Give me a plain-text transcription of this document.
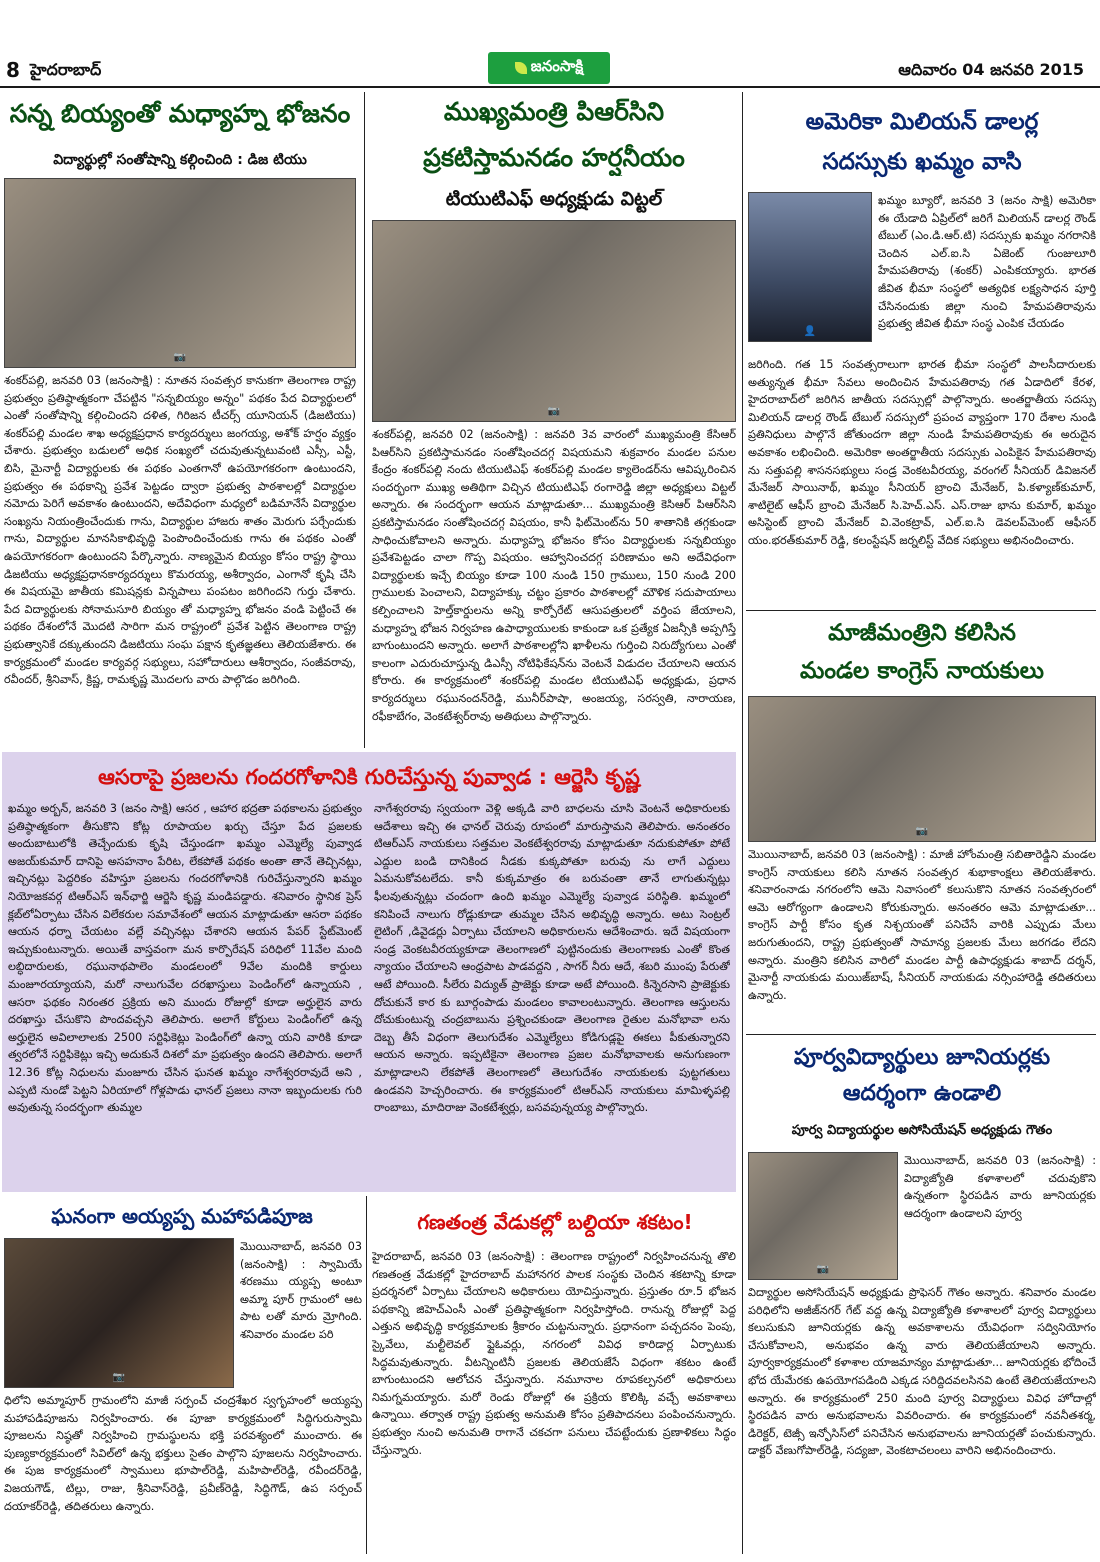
8 హైదరాబాద్	జనంసాక్షి	ఆదివారం 04 జనవరి 2015
సన్న బియ్యంతో మధ్యాహ్న భోజనం
విద్యార్థుల్లో సంతోషాన్ని కల్గించింది : డిజ టియు
📷
శంకర్‌పల్లి, జనవరి 03 (జనంసాక్షి) : నూతన సంవత్సర కానుకగా తెలంగాణ రాష్ట్ర ప్రభుత్వం ప్రతిష్ఠాత్మకంగా చేపట్టిన "సన్నబియ్యం అన్నం" పథకం పేద విద్యార్థులలో ఎంతో సంతోషాన్ని కల్గించిందని దళిత, గిరిజన టీచర్స్ యూనియన్ (డిజటియు) శంకర్‌పల్లి మండల శాఖ అధ్యక్షప్రధాన కార్యదర్శులు జంగయ్య, అశోక్ హర్షం వ్యక్తం చేశారు. ప్రభుత్వం బడులలో అధిక సంఖ్యలో చదువుతున్నటువంటి ఎస్సీ, ఎస్టీ, బిసి, మైనార్టీ విద్యార్థులకు ఈ పథకం ఎంతగానో ఉపయోగకరంగా ఉంటుందని, ప్రభుత్వం ఈ పథకాన్ని ప్రవేశ పెట్టడం ద్వారా ప్రభుత్వ పాఠశాలల్లో విద్యార్థుల నమోదు పెరిగే అవకాశం ఉంటుందని, అదేవిధంగా మధ్యలో బడిమానేసే విద్యార్థుల సంఖ్యను నియంత్రించేందుకు గాను, విద్యార్థుల హాజరు శాతం మెరుగు పర్చేందుకు గాను, విద్యార్థుల మానసికాభివృద్ధి పెంపొందించేందుకు గాను ఈ పథకం ఎంతో ఉపయోగకరంగా ఉంటుందని పేర్కొన్నారు. నాణ్యమైన బియ్యం కోసం రాష్ట్ర స్థాయి డిజటియు అధ్యక్షప్రధానకార్యదర్శులు కొమరయ్య, అశీర్వాదం, ఎంగానో కృషి చేసి ఈ విషయమై జాతీయ కమిషన్లకు విన్నపాలు పంపటం జరిగిందని గుర్తు చేశారు. పేద విద్యార్థులకు సోనామసూరి బియ్యం తో మధ్యాహ్న భోజనం వండి పెట్టించే ఈ పథకం దేశంలోనే మొదటి సారిగా మన రాష్ట్రంలో ప్రవేశ పెట్టిన తెలంగాణ రాష్ట్ర ప్రభుత్వానికే దక్కుతుందని డిజటియు సంఘ పక్షాన కృతజ్ఞతలు తెలియజేశారు. ఈ కార్యక్రమంలో మండల కార్యవర్గ సభ్యులు, సహోదారులు ఆశీర్వాదం, సంజీవరావు, రవీందర్, శ్రీనివాస్, క్రిష్ణ, రామకృష్ణ మొదలగు వారు పాల్గొడం జరిగింది.
ముఖ్యమంత్రి పిఆర్‌సిని
ప్రకటిస్తామనడం హర్షనీయం
టియుటిఎఫ్ అధ్యక్షుడు విట్టల్
📷
శంకర్‌పల్లి, జనవరి 02 (జనంసాక్షి) : జనవరి 3వ వారంలో ముఖ్యమంత్రి కేసిఆర్ పిఆర్‌సిని ప్రకటిస్తామనడం సంతోషించదగ్గ విషయమని శుక్రవారం మండల పనుల కేంద్రం శంకర్‌పల్లి నందు టియుటిఎఫ్ శంకర్‌పల్లి మండల క్యాలెండర్‌ను ఆవిష్కరించిన సందర్భంగా ముఖ్య అతిథిగా విచ్చిన టియుటిఎఫ్ రంగారెడ్డి జిల్లా అధ్యక్షులు విట్టల్ అన్నారు. ఈ సందర్భంగా ఆయన మాట్లాడుతూ... ముఖ్యమంత్రి కెసిఆర్ పిఆర్‌సిని ప్రకటిస్తామనడం సంతోషించదగ్గ విషయం, కానీ ఫిట్‌మెంట్‌ను 50 శాతానికి తగ్గకుండా సాధించుకోవాలని అన్నారు. మధ్యాహ్న భోజనం కోసం విద్యార్థులకు సన్నబియ్యం ప్రవేశపెట్టడం చాలా గొప్ప విషయం. ఆహ్వానించదగ్గ పరిణామం అని అదేవిధంగా విద్యార్థులకు ఇచ్చే బియ్యం కూడా 100 నుండి 150 గ్రాములు, 150 నుండి 200 గ్రాములకు పెంచాలని, విద్యాహక్కు చట్టం ప్రకారం పాఠశాలల్లో మౌళిక సదుపాయాలు కల్పించాలని హెల్త్‌కార్డులను అన్ని కార్పోరేట్ ఆసుపత్రులలో వర్తింప జేయాలని, మధ్యాహ్న భోజన నిర్వహణ ఉపాధ్యాయులకు కాకుండా ఒక ప్రత్యేక ఏజన్సీకి అప్పగిస్తే బాగుంటుందని అన్నారు. అలాగే పాఠశాలల్లోని ఖాళీలను గుర్తించి నిరుద్యోగులు ఎంతో కాలంగా ఎదురుచూస్తున్న డిఎస్సీ నోటిఫికేషన్‌ను వెంటనే విడుదల చేయాలని ఆయన కోరారు. ఈ కార్యక్రమంలో శంకర్‌పల్లి మండల టియుటిఎఫ్ అధ్యక్షుడు, ప్రధాన కార్యదర్శులు రఘునందన్‌రెడ్డి, మునీర్‌పాషా, అంజయ్య, సరస్వతి, నారాయణ, రఫీకాబేగం, వెంకటేశ్వర్‌రావు అతిథులు పాల్గొన్నారు.
అమెరికా మిలియన్ డాలర్ల
సదస్సుకు ఖమ్మం వాసి
👤
ఖమ్మం బ్యూరో, జనవరి 3 (జనం సాక్షి) అమెరికా ఈ యేడాది ఏప్రిల్‌లో జరిగే మిలియన్ డాలర్ల రౌండ్ టేబుల్ (ఎం.డి.ఆర్.టి) సదస్సుకు ఖమ్మం నగరానికి చెందిన ఎల్.ఐ.సి ఏజెంట్ గుంజులూరి హేమపతిరావు (శంకర్) ఎంపికయ్యారు. భారత జీవిత భీమా సంస్థలో అత్యధిక లక్ష్యసాధన పూర్తి చేసినందుకు జిల్లా నుంచి హేమపతిరావును ప్రభుత్వ జీవిత భీమా సంస్థ ఎంపిక చేయడం
జరిగింది. గత 15 సంవత్సరాలుగా భారత భీమా సంస్థలో పాలసీదారులకు అత్యున్నత భీమా సేవలు అందించిన హేమపతిరావు గత ఏడాదిలో కేరళ, హైదరాబాద్‌లో జరిగిన జాతీయ సదస్సుల్లో పాల్గొన్నారు. అంతర్జాతీయ సదస్సు మిలియన్ డాలర్ల రౌండ్ టేబుల్ సదస్సులో ప్రపంచ వ్యాప్తంగా 170 దేశాల నుండి ప్రతినిధులు పాల్గొనే జోతుందగా జిల్లా నుండి హేమపతిరావుకు ఈ అరుదైన అవకాశం లభించింది. అమెరికా అంతర్జాతీయ సదస్సుకు ఎంపికైన హేమపతిరావు ను సత్తుపల్లి శాసనసభ్యులు సండ్ర వెంకటవీరయ్య, వరంగల్ సీనియర్ డివిజనల్ మేనేజర్ సాయినాథ్, ఖమ్మం సీనియర్ బ్రాంచి మేనేజర్, పి.కళ్యాణ్‌కుమార్, శాటిలైట్ ఆఫీస్ బ్రాంచి మేనేజర్ సి.హెచ్.ఎస్. ఎస్.రాజు భాను కుమార్, ఖమ్మం అసిస్టెంట్ బ్రాంచి మేనేజర్ వి.వెంకట్రావ్, ఎల్.ఐ.సి డెవలప్‌మెంట్ ఆఫీసర్ యం.భరత్‌కుమార్ రెడ్డి, కలంస్టేషన్ జర్నలిస్ట్ వేదిక సభ్యులు అభినందించారు.
మాజీమంత్రిని కలిసిన
మండల కాంగ్రెస్ నాయకులు
📷
మొయినాబాద్, జనవరి 03 (జనంసాక్షి) : మాజీ హోంమంత్రి సబితారెడ్డిని మండల కాంగ్రెస్ నాయకులు కలిసి నూతన సంవత్సర శుభాకాంక్షలు తెలియజేశారు. శనివారంనాడు నగరంలోని ఆమె నివాసంలో కలుసుకొని నూతన సంవత్సరంలో ఆమె ఆరోగ్యంగా ఉండాలని కోరుకున్నారు. అనంతరం ఆమె మాట్లాడుతూ... కాంగ్రెస్ పార్టీ కోసం కృత నిశ్చయంతో పనిచేసే వారికి ఎప్పుడు మేలు జరుగుతుందని, రాష్ట్ర ప్రభుత్వంతో సామాన్య ప్రజలకు మేలు జరగడం లేదని అన్నారు. మంత్రిని కలిసిన వారిలో మండల పార్టీ ఉపాధ్యక్షుడు శాబాద్ దర్శన్, మైనార్టీ నాయకుడు మయిజ్‌బాష్, సీనియర్ నాయకుడు నర్సింహారెడ్డి తదితరులు ఉన్నారు.
పూర్వవిద్యార్థులు జూనియర్లకు
ఆదర్శంగా ఉండాలి
పూర్వ విద్యాయర్థుల అసోసియేషన్ అధ్యక్షుడు గౌతం
📷
మొయినాబాద్, జనవరి 03 (జనంసాక్షి) : విద్యాజ్యోతి కళాశాలలో చదువుకొని ఉన్నతంగా స్థిరపడిన వారు జూనియర్లకు ఆదర్శంగా ఉండాలని పూర్వ
విద్యార్థుల అసోసియేషన్ అధ్యక్షుడు ప్రొఫెసర్ గౌతం అన్నారు. శనివారం మండల పరిధిలోని అజీజ్‌నగర్ గేట్ వద్ద ఉన్న విద్యాజ్యోతి కళాశాలలో పూర్వ విద్యార్థులు కలుసుకుని జూనియర్లకు ఉన్న అవకాశాలను యేవిధంగా సద్వినియోగం చేసుకోవాలని, అనుభవం ఉన్న వారు తెలియజేయాలని అన్నారు. పూర్వకార్యక్రమంలో కళాశాల యాజమాన్యం మాట్లాడుతూ... జూనియర్లకు భోదించే భోద యేమేరకు ఉపయోగపడింది ఎక్కడ సరిద్దిదవలసినవి ఉంటే తెలియజేయాలని అన్నారు. ఈ కార్యక్రమంలో 250 మంది పూర్వ విద్యార్థులు వివిధ హోదాల్లో స్థిరపడిన వారు అనుభవాలను వివరించారు. ఈ కార్యక్రమంలో నవనీతశర్మ, డిరెక్టర్, టెజ్సీ ఇన్ఫోసిస్‌లో పనిచేసిన అనుభవాలను జూనియర్లతో పంచుకున్నారు. డాక్టర్ వేణుగోపాల్‌రెడ్డి, సద్యజా, వెంకటాచలంలు వారిని అభినందించారు.
ఆసరాపై ప్రజలను గందరగోళానికి గురిచేస్తున్న పువ్వాడ : ఆర్జెసి కృష్ణ
ఖమ్మం అర్బన్, జనవరి 3 (జనం సాక్షి) ఆసర , ఆహార భద్రతా పథకాలను ప్రభుత్వం ప్రతిష్ఠాత్మకంగా తీసుకొని కోట్ల రూపాయల ఖర్చు చేస్తూ పేద ప్రజలకు అందుబాటులోకి తెచ్చేందుకు కృషి చేస్తుండగా ఖమ్మం ఎమ్మెల్యే పువ్వాడ అజయ్‌కుమార్ దానిపై అసహనాం పేరిట, లేకపోతే పథకం అంతా తానే తెచ్చినట్లు, ఇచ్చినట్లు పెద్దరికం వహిస్తూ ప్రజలను గందరగోళానికి గురిచేస్తున్నారని ఖమ్మం నియోజకవర్గ టిఆర్ఎస్ ఇన్‌ఛార్జి ఆర్జెసి కృష్ణ మండిపడ్డారు. శనివారం స్థానిక ప్రెస్ క్లబ్‌లోఏర్పాటు చేసిన విలేకరుల సమావేశంలో ఆయన మాట్లాడుతూ ఆసరా పథకం ఆయన ధర్నా చేయటం వల్లే వచ్చినట్లు చేశారని ఆయన పేపర్ స్టేట్‌మెంట్ ఇచ్చుకుంటున్నారు. అయితే వాస్తవంగా మన కార్పొరేషన్ పరిధిలో 11వేల మంది లబ్ధిదారులకు, రఘునాథపాలెం మండలంలో 9వేల మందికి కార్డులు మంజూరయ్యాయని, మరో నాలుగువేల దరఖాస్తులు పెండింగ్‌లో ఉన్నాయని , ఆసరా ఫథకం నిరంతర ప్రక్రియ అని ముందు రోజుల్లో కూడా అర్హులైన వారు దరఖాస్తు చేసుకొని పొందవచ్చని తెలిపారు. అలాగే కోర్టులు పెండింగ్‌లో ఉన్న అర్హులైన అవిలాలాలకు 2500 సర్టిఫికెట్లు పెండింగ్‌లో ఉన్నా యని వారికి కూడా త్వరలోనే సర్టిఫికెట్లు ఇచ్చి అదుకునే దిశలో మా ప్రభుత్వం ఉందని తెలిపారు. అలాగే 12.36 కోట్ల నిధులను మంజూరు చేసిన ఘనత ఖమ్మం నాగేశ్వరరావుదే అని , ఎప్పటి నుండో పెట్టని ఏరియాలో గోళ్లపాడు ఛానల్ ప్రజలు నానా ఇబ్బందులకు గురి అవుతున్న సందర్భంగా తుమ్మల
నాగేశ్వరరావు స్వయంగా వెళ్లి అక్కడి వారి బాధలను చూసి వెంటనే అధికారులకు ఆదేశాలు ఇచ్చి ఈ ఛానల్ చెరువు రూపంలో మారుస్తామని తెలిపారు. అనంతరం టిఆర్ఎస్ నాయకులు సత్తమల వెంకటేశ్వరరావు మాట్లాడుతూ నదుకుపోతూ పోటే ఎద్దుల బండి దానికింద నీడకు కుక్కపోతూ బరువు ను లాగే ఎద్దులు ఏమనుకోవటలేదు. కానీ కుక్కమాత్రం ఈ బరువంతా తానే లాగుతున్నట్లు ఫీలవుతున్నట్లు చందంగా ఉంది ఖమ్మం ఎమ్మెల్యే పువ్వాడ పరిస్థితి. ఖమ్మంలో కనిపించే నాలుగు రోడ్లుకూడా తుమ్మల చేసిన అభివృద్ధి అన్నారు. అటు సెంట్రల్ లైటింగ్ ,డివైడర్లు ఏర్పాటు చేయాలని అధికారులను ఆదేశించారు. ఇదే విషయంగా సండ్ర వెంకటవీరయ్యకూడా తెలంగాణలో పుట్టినందుకు తెలంగాణకు ఎంతో కొంత న్యాయం చేయాలని ఆంధ్రపాట పాడవద్దని , సాగర్ నీరు ఆదే, శబరి ముంపు పేరుతో ఆటే పోయింది. సీలేరు విద్యుత్ ప్రాజెక్టు కూడా అటే పోయింది. కిన్నెరసాని ప్రాజెక్టుకు దోచుకునే కార కు బూర్గంపాడు మండలం కావాలంటున్నారు. తెలంగాణ ఆస్తులను దోచుకుంటున్న చంద్రబాబును ప్రశ్నించకుండా తెలంగాణ రైతుల మనోభావా లను దెబ్బ తీసే విధంగా తెలుగుదేశం ఎమ్మెల్యేలు కోడిగుడ్లపై ఈకలు పీకుతున్నారని ఆయన అన్నారు. ఇప్పటికైనా తెలంగాణ ప్రజల మనోభావాలకు అనుగుణంగా మాట్లాడాలని లేకపోతే తెలంగాణలో తెలుగుదేశం నాయకులకు పుట్టగతులు ఉండవని హెచ్చరించారు. ఈ కార్యక్రమంలో టిఆర్ఎస్ నాయకులు మామిళ్ళపల్లి రాంబాబు, మాదిరాజు వెంకటేశ్వర్లు, బసవపున్నయ్య పాల్గొన్నారు.
ఘనంగా అయ్యప్ప మహాపడిపూజ
📷
మొయినాబాద్, జనవరి 03 (జనంసాక్షి) : స్వామియే శరణము య్యప్ప అంటూ అమ్మా పూర్ గ్రామంలో ఆట పాట లతో మారు మ్రోగింది. శనివారం మండల పరి
ధిలోని అమ్మాపూర్ గ్రామంలోని మాజీ సర్పంచ్ చంద్రశేఖర స్వగృహంలో అయ్యప్ప మహాపడిపూజను నిర్వహించారు. ఈ పూజా కార్యక్రమంలో సిద్ధిగురుస్వామి పూజలను నిష్ఠతో నిర్వహించి గ్రామస్థులను భక్తి పరవశ్యంలో ముంచారు. ఈ పుణ్యకార్యక్రమంలో సివిల్‌లో ఉన్న భక్తులు సైతం పాల్గొని పూజలను నిర్వహించారు. ఈ పుజ కార్యక్రమంలో స్వాములు భూపాల్‌రెడ్డి, మహిపాల్‌రెడ్డి, రవీందర్‌రెడ్డి, విజయగౌడ్, టిల్లు, రాజు, శ్రీనివాస్‌రెడ్డి, ప్రవీణ్‌రెడ్డి, సిద్ధిగౌడ్, ఉప సర్పంచ్ దయాకర్‌రెడ్డి, తదితరులు ఉన్నారు.
గణతంత్ర వేడుకల్లో బల్దియా శకటం!
హైదరాబాద్, జనవరి 03 (జనంసాక్షి) : తెలంగాణ రాష్ట్రంలో నిర్వహించనున్న తొలి గణతంత్ర వేడుకల్లో హైదరాబాద్ మహానగర పాలక సంస్థకు చెందిన శకటాన్ని కూడా ప్రదర్శనలో ఏర్పాటు చేయాలని అధికారులు యోచిస్తున్నారు. ప్రస్తుతం రూ.5 భోజన పథకాన్ని జిహెచ్ఎంసీ ఎంతో ప్రతిష్ఠాత్మకంగా నిర్వహిస్తోంది. రానున్న రోజుల్లో పెద్ద ఎత్తున అభివృద్ధి కార్యక్రమాలకు శ్రీకారం చుట్టనున్నారు. ప్రధానంగా పచ్చదనం పెంపు, స్కైవేలు, మల్టీలెవల్ ఫ్లైఓవర్లు, నగరంలో వివిధ కారిడార్ల ఏర్పాటుకు సిద్ధమవుతున్నారు. వీటన్నింటినీ ప్రజలకు తెలియజేసే విధంగా శకటం ఉంటే బాగుంటుందని ఆలోచన చేస్తున్నారు. నమూనాల రూపకల్పనలో అధికారులు నిమగ్నమయ్యారు. మరో రెండు రోజుల్లో ఈ ప్రక్రియ కొలిక్కి వచ్చే అవకాశాలు ఉన్నాయి. తర్వాత రాష్ట్ర ప్రభుత్వ అనుమతి కోసం ప్రతిపాదనలు పంపించనున్నారు. ప్రభుత్వం నుంచి అనుమతి రాగానే చకచగా పనులు చేపట్టేందుకు ప్రణాళికలు సిద్ధం చేస్తున్నారు.
